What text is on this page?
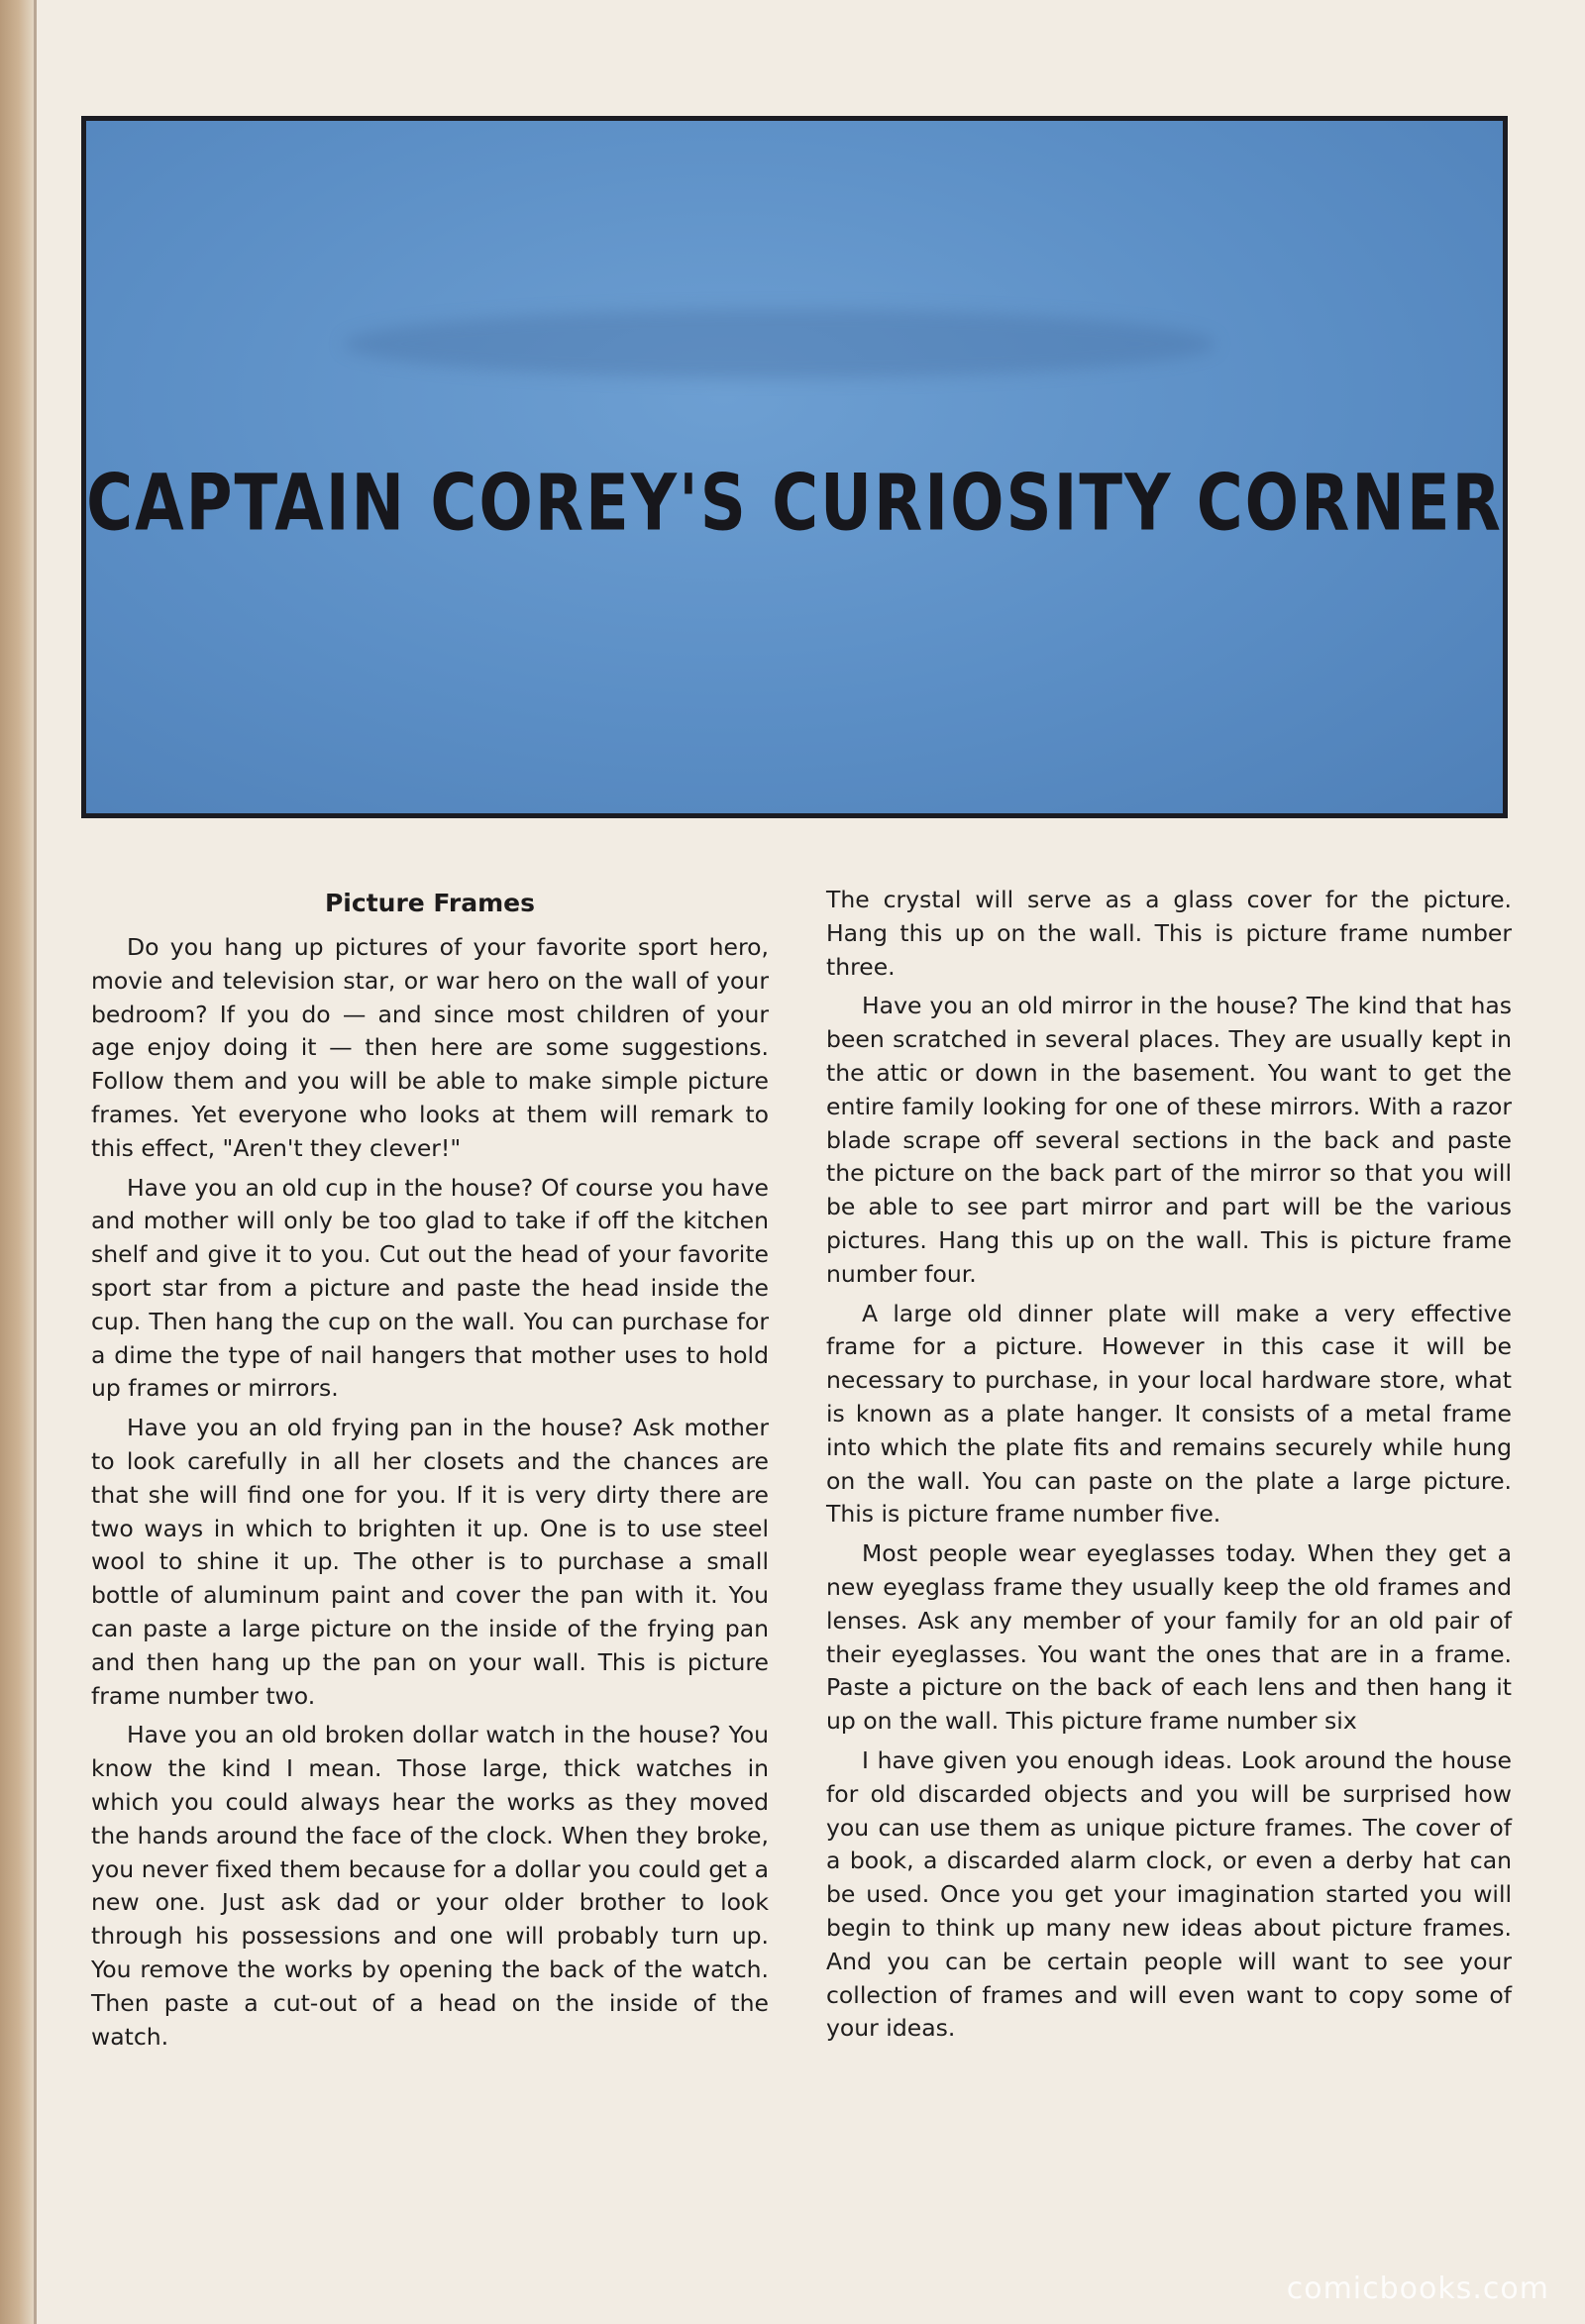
CAPTAIN COREY'S CURIOSITY CORNER
Picture Frames

Do you hang up pictures of your favorite sport hero, movie and television star, or war hero on the wall of your bedroom? If you do — and since most children of your age enjoy doing it — then here are some suggestions. Follow them and you will be able to make simple picture frames. Yet everyone who looks at them will remark to this effect, "Aren't they clever!"

Have you an old cup in the house? Of course you have and mother will only be too glad to take if off the kitchen shelf and give it to you. Cut out the head of your favorite sport star from a picture and paste the head inside the cup. Then hang the cup on the wall. You can purchase for a dime the type of nail hangers that mother uses to hold up frames or mirrors.

Have you an old frying pan in the house? Ask mother to look carefully in all her closets and the chances are that she will find one for you. If it is very dirty there are two ways in which to brighten it up. One is to use steel wool to shine it up. The other is to purchase a small bottle of aluminum paint and cover the pan with it. You can paste a large picture on the inside of the frying pan and then hang up the pan on your wall. This is picture frame number two.

Have you an old broken dollar watch in the house? You know the kind I mean. Those large, thick watches in which you could always hear the works as they moved the hands around the face of the clock. When they broke, you never fixed them because for a dollar you could get a new one. Just ask dad or your older brother to look through his possessions and one will probably turn up. You remove the works by opening the back of the watch. Then paste a cut-out of a head on the inside of the watch.

The crystal will serve as a glass cover for the picture. Hang this up on the wall. This is picture frame number three.

Have you an old mirror in the house? The kind that has been scratched in several places. They are usually kept in the attic or down in the basement. You want to get the entire family looking for one of these mirrors. With a razor blade scrape off several sections in the back and paste the picture on the back part of the mirror so that you will be able to see part mirror and part will be the various pictures. Hang this up on the wall. This is picture frame number four.

A large old dinner plate will make a very effective frame for a picture. However in this case it will be necessary to purchase, in your local hardware store, what is known as a plate hanger. It consists of a metal frame into which the plate fits and remains securely while hung on the wall. You can paste on the plate a large picture. This is picture frame number five.

Most people wear eyeglasses today. When they get a new eyeglass frame they usually keep the old frames and lenses. Ask any member of your family for an old pair of their eyeglasses. You want the ones that are in a frame. Paste a picture on the back of each lens and then hang it up on the wall. This picture frame number six

I have given you enough ideas. Look around the house for old discarded objects and you will be surprised how you can use them as unique picture frames. The cover of a book, a discarded alarm clock, or even a derby hat can be used. Once you get your imagination started you will begin to think up many new ideas about picture frames. And you can be certain people will want to see your collection of frames and will even want to copy some of your ideas.

comicbooks.com
